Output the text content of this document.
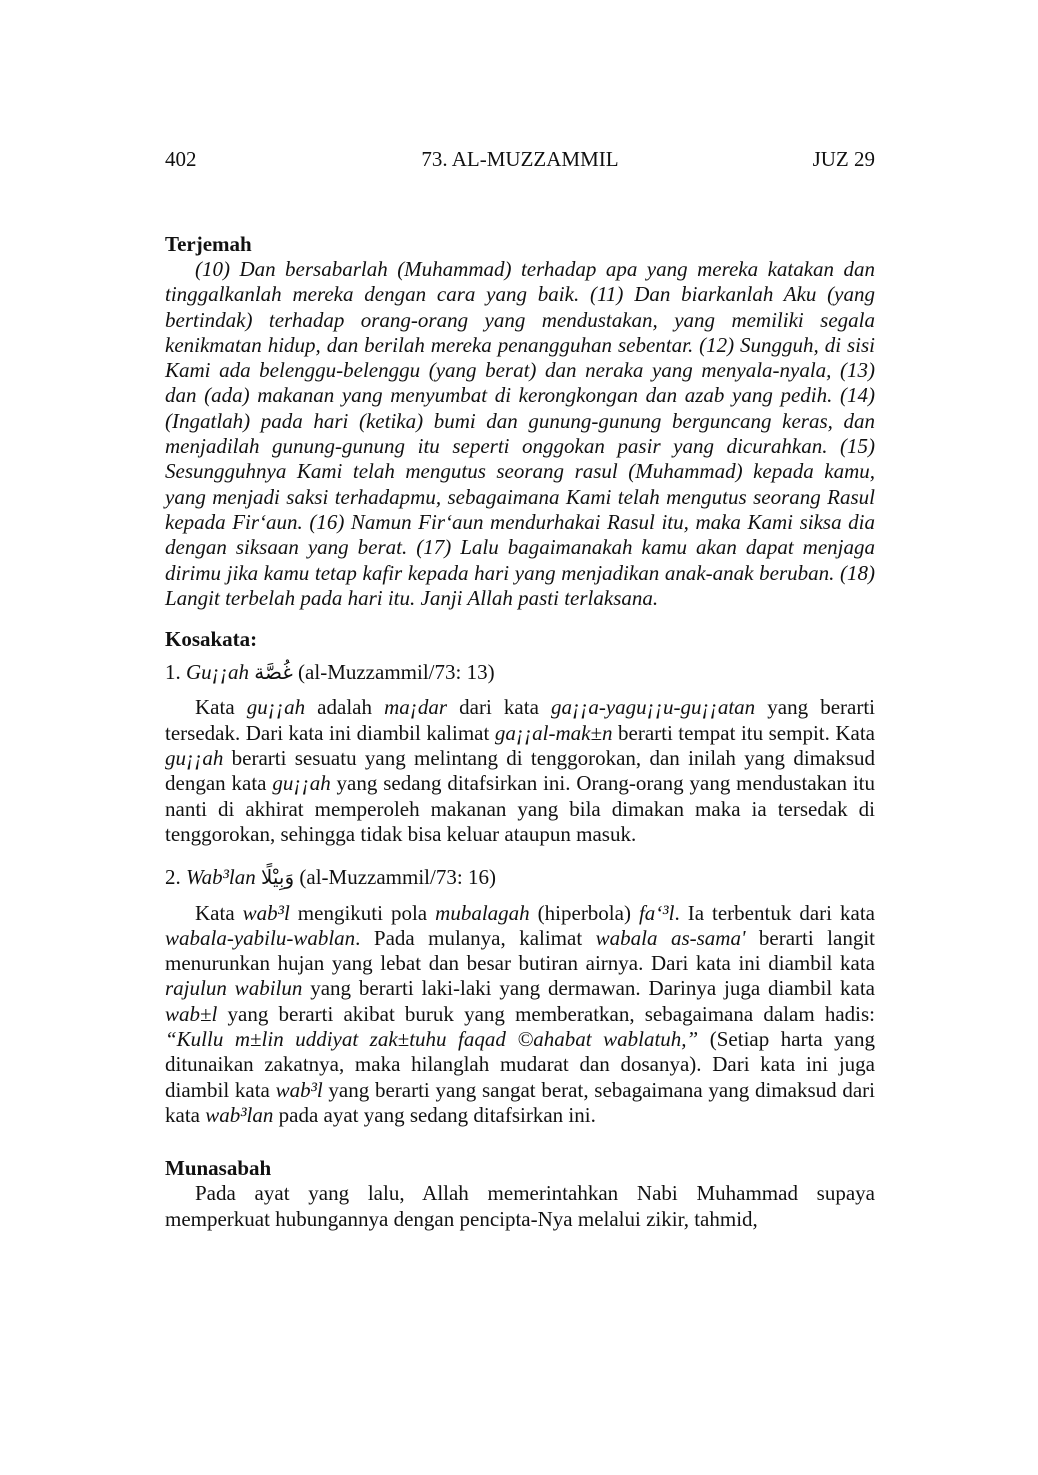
402	73. AL-MUZZAMMIL	JUZ 29
Terjemah

(10) Dan bersabarlah (Muhammad) terhadap apa yang mereka katakan dan tinggalkanlah mereka dengan cara yang baik. (11) Dan biarkanlah Aku (yang bertindak) terhadap orang-orang yang mendustakan, yang memiliki segala kenikmatan hidup, dan berilah mereka penangguhan sebentar. (12) Sungguh, di sisi Kami ada belenggu-belenggu (yang berat) dan neraka yang menyala-nyala, (13) dan (ada) makanan yang menyumbat di kerongkongan dan azab yang pedih. (14) (Ingatlah) pada hari (ketika) bumi dan gunung-gunung berguncang keras, dan menjadilah gunung-gunung itu seperti onggokan pasir yang dicurahkan. (15) Sesungguhnya Kami telah mengutus seorang rasul (Muhammad) kepada kamu, yang menjadi saksi terhadapmu, sebagaimana Kami telah mengutus seorang Rasul kepada Fir‘aun. (16) Namun Fir‘aun mendurhakai Rasul itu, maka Kami siksa dia dengan siksaan yang berat. (17) Lalu bagaimanakah kamu akan dapat menjaga dirimu jika kamu tetap kafir kepada hari yang menjadikan anak-anak beruban. (18) Langit terbelah pada hari itu. Janji Allah pasti terlaksana.

Kosakata:
1. Gu¡¡ah غُصَّة (al-Muzzammil/73: 13)

Kata gu¡¡ah adalah ma¡dar dari kata ga¡¡a-yagu¡¡u-gu¡¡atan yang berarti tersedak. Dari kata ini diambil kalimat ga¡¡al-mak±n berarti tempat itu sempit. Kata gu¡¡ah berarti sesuatu yang melintang di tenggorokan, dan inilah yang dimaksud dengan kata gu¡¡ah yang sedang ditafsirkan ini. Orang-orang yang mendustakan itu nanti di akhirat memperoleh makanan yang bila dimakan maka ia tersedak di tenggorokan, sehingga tidak bisa keluar ataupun masuk.

2. Wab³lan وَبِيْلًا (al-Muzzammil/73: 16)

Kata wab³l mengikuti pola mubalagah (hiperbola) fa‘³l. Ia terbentuk dari kata wabala-yabilu-wablan. Pada mulanya, kalimat wabala as-sama' berarti langit menurunkan hujan yang lebat dan besar butiran airnya. Dari kata ini diambil kata rajulun wabilun yang berarti laki-laki yang dermawan. Darinya juga diambil kata wab±l yang berarti akibat buruk yang memberatkan, sebagaimana dalam hadis: “Kullu m±lin uddiyat zak±tuhu faqad ©ahabat wablatuh,” (Setiap harta yang ditunaikan zakatnya, maka hilanglah mudarat dan dosanya). Dari kata ini juga diambil kata wab³l yang berarti yang sangat berat, sebagaimana yang dimaksud dari kata wab³lan pada ayat yang sedang ditafsirkan ini.

Munasabah

Pada ayat yang lalu, Allah memerintahkan Nabi Muhammad supaya memperkuat hubungannya dengan pencipta-Nya melalui zikir, tahmid,
